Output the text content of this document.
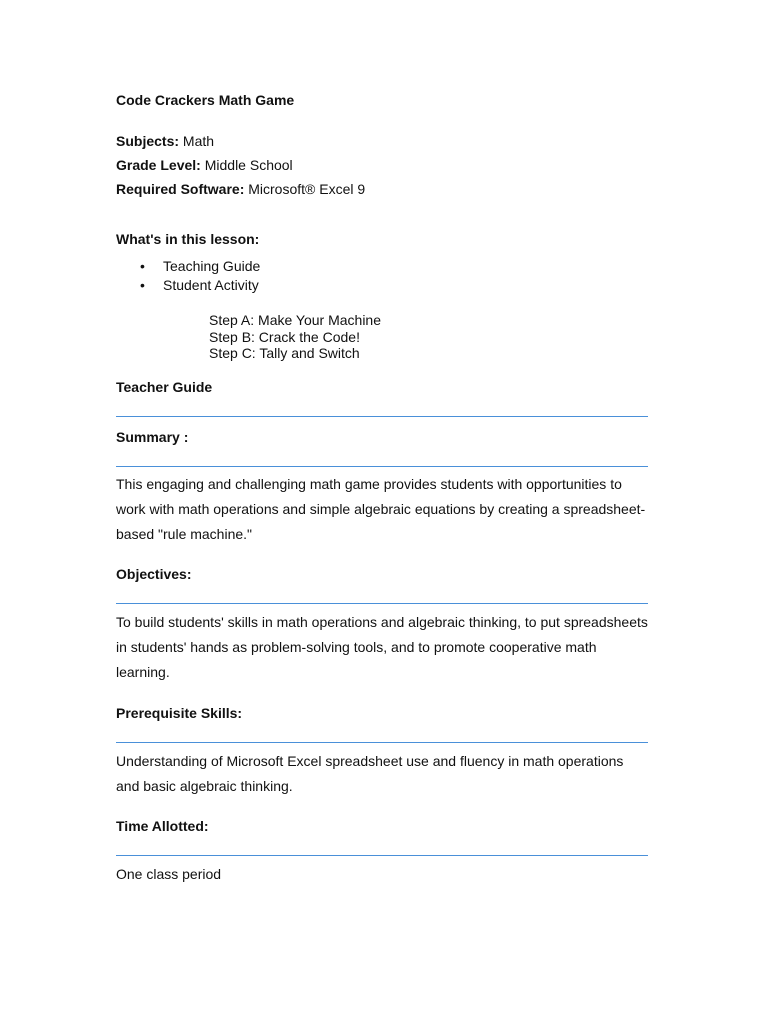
Code Crackers Math Game
Subjects: Math
Grade Level: Middle School
Required Software: Microsoft® Excel 9
What's in this lesson:
• Teaching Guide
• Student Activity
Step A: Make Your Machine
Step B: Crack the Code!
Step C: Tally and Switch
Teacher Guide
Summary :
This engaging and challenging math game provides students with opportunities to work with math operations and simple algebraic equations by creating a spreadsheet-based "rule machine."
Objectives:
To build students' skills in math operations and algebraic thinking, to put spreadsheets in students' hands as problem-solving tools, and to promote cooperative math learning.
Prerequisite Skills:
Understanding of Microsoft Excel spreadsheet use and fluency in math operations and basic algebraic thinking.
Time Allotted:
One class period
